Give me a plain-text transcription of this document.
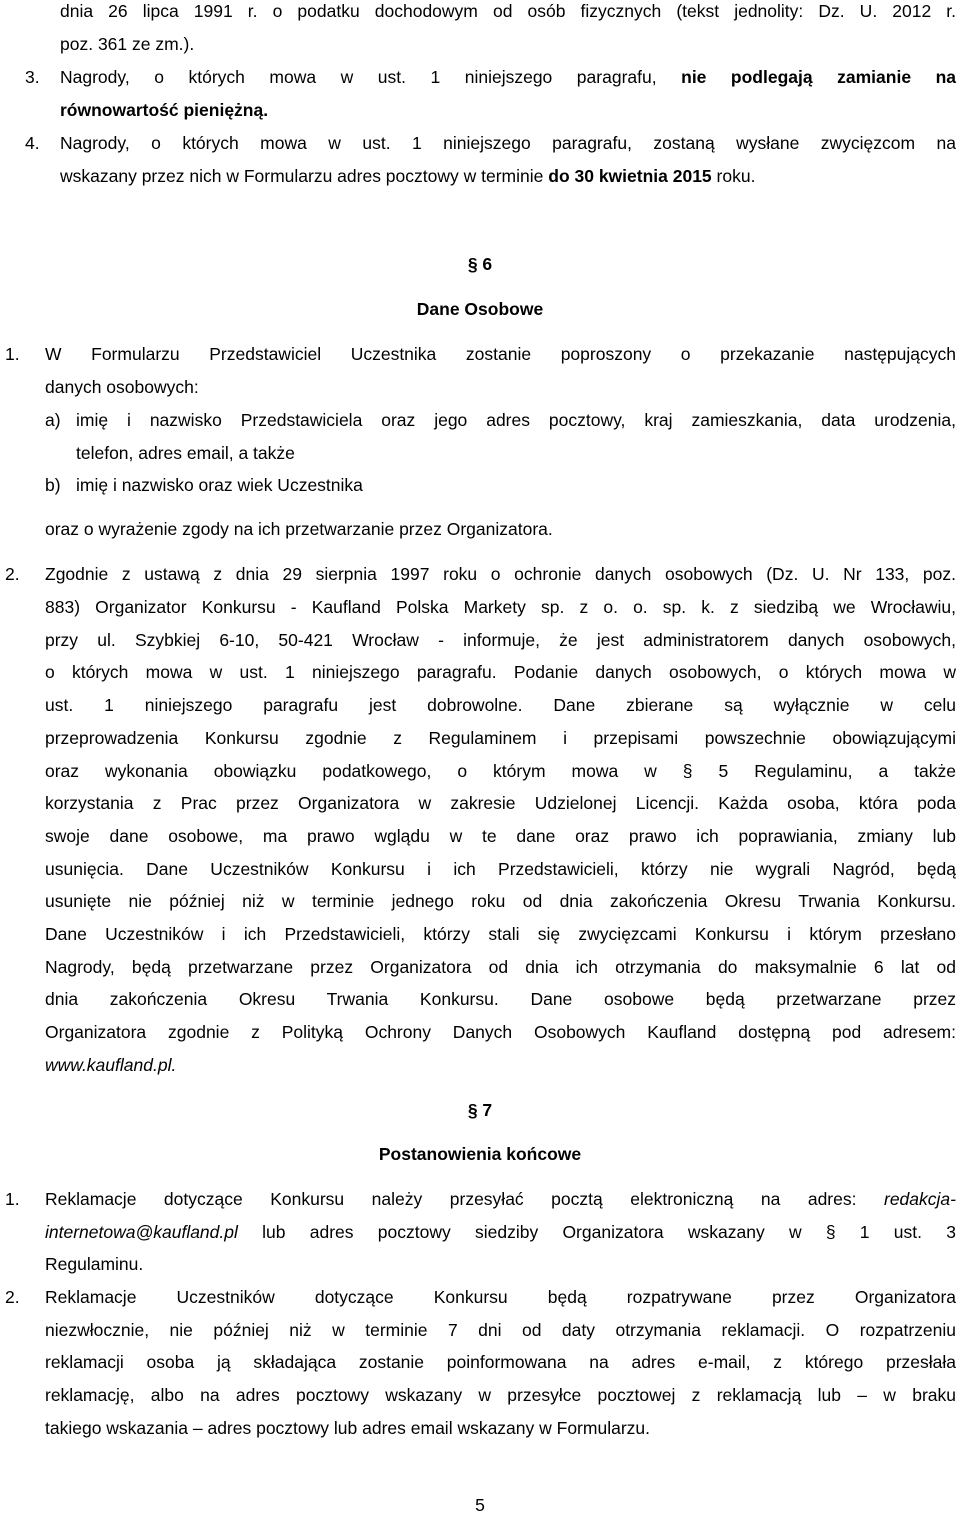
dnia 26 lipca 1991 r. o podatku dochodowym od osób fizycznych (tekst jednolity: Dz. U. 2012 r.
poz. 361 ze zm.).
3. Nagrody, o których mowa w ust. 1 niniejszego paragrafu, nie podlegają zamianie na
równowartość pieniężną.
4. Nagrody, o których mowa w ust. 1 niniejszego paragrafu, zostaną wysłane zwycięzcom na
wskazany przez nich w Formularzu adres pocztowy w terminie do 30 kwietnia 2015 roku.
§ 6
Dane Osobowe
1. W Formularzu Przedstawiciel Uczestnika zostanie poproszony o przekazanie następujących
danych osobowych:
a) imię i nazwisko Przedstawiciela oraz jego adres pocztowy, kraj zamieszkania, data urodzenia,
telefon, adres email, a także
b) imię i nazwisko oraz wiek Uczestnika
oraz o wyrażenie zgody na ich przetwarzanie przez Organizatora.
2. Zgodnie z ustawą z dnia 29 sierpnia 1997 roku o ochronie danych osobowych (Dz. U. Nr 133, poz.
883) Organizator Konkursu - Kaufland Polska Markety sp. z o. o. sp. k. z siedzibą we Wrocławiu,
przy ul. Szybkiej 6-10, 50-421 Wrocław - informuje, że jest administratorem danych osobowych,
o których mowa w ust. 1 niniejszego paragrafu. Podanie danych osobowych, o których mowa w
ust. 1 niniejszego paragrafu jest dobrowolne. Dane zbierane są wyłącznie w celu
przeprowadzenia Konkursu zgodnie z Regulaminem i przepisami powszechnie obowiązującymi
oraz wykonania obowiązku podatkowego, o którym mowa w § 5 Regulaminu, a także
korzystania z Prac przez Organizatora w zakresie Udzielonej Licencji. Każda osoba, która poda
swoje dane osobowe, ma prawo wglądu w te dane oraz prawo ich poprawiania, zmiany lub
usunięcia. Dane Uczestników Konkursu i ich Przedstawicieli, którzy nie wygrali Nagród, będą
usunięte nie później niż w terminie jednego roku od dnia zakończenia Okresu Trwania Konkursu.
Dane Uczestników i ich Przedstawicieli, którzy stali się zwycięzcami Konkursu i którym przesłano
Nagrody, będą przetwarzane przez Organizatora od dnia ich otrzymania do maksymalnie 6 lat od
dnia zakończenia Okresu Trwania Konkursu. Dane osobowe będą przetwarzane przez
Organizatora zgodnie z Polityką Ochrony Danych Osobowych Kaufland dostępną pod adresem:
www.kaufland.pl.
§ 7
Postanowienia końcowe
1. Reklamacje dotyczące Konkursu należy przesyłać pocztą elektroniczną na adres: redakcja-
internetowa@kaufland.pl lub adres pocztowy siedziby Organizatora wskazany w § 1 ust. 3
Regulaminu.
2. Reklamacje Uczestników dotyczące Konkursu będą rozpatrywane przez Organizatora
niezwłocznie, nie później niż w terminie 7 dni od daty otrzymania reklamacji. O rozpatrzeniu
reklamacji osoba ją składająca zostanie poinformowana na adres e-mail, z którego przesłała
reklamację, albo na adres pocztowy wskazany w przesyłce pocztowej z reklamacją lub – w braku
takiego wskazania – adres pocztowy lub adres email wskazany w Formularzu.
5
